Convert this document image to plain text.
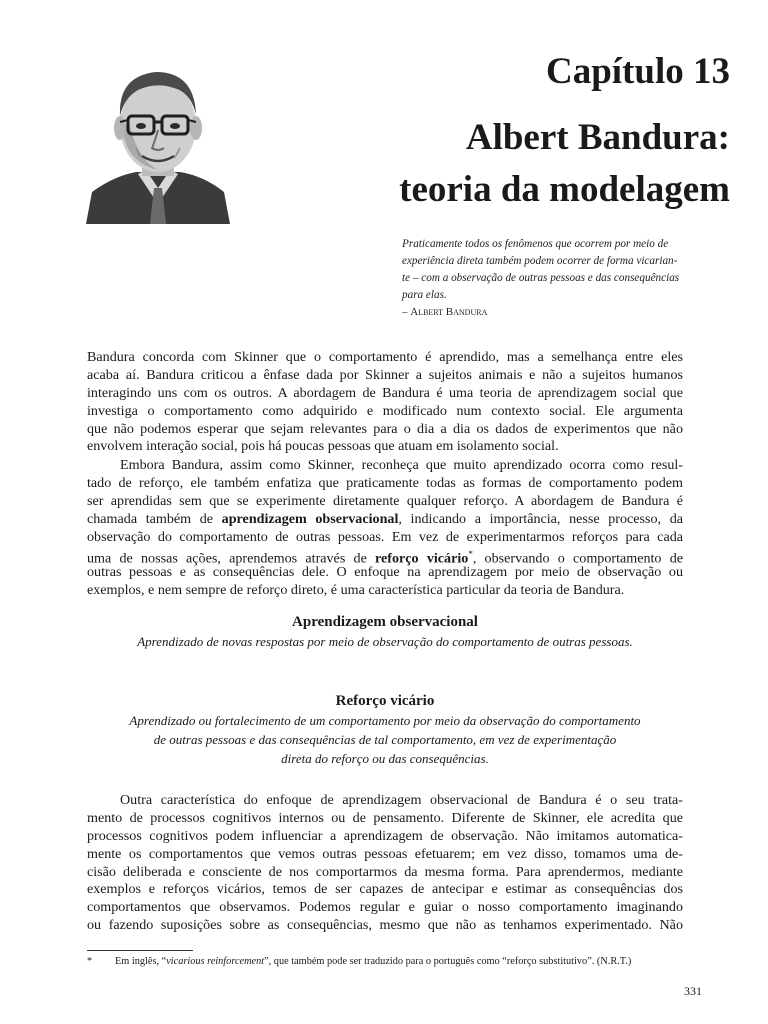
Capítulo 13
Albert Bandura:
teoria da modelagem
Praticamente todos os fenômenos que ocorrem por meio de
experiência direta também podem ocorrer de forma vicarian-
te – com a observação de outras pessoas e das consequências
para elas.
– Albert Bandura
Bandura concorda com Skinner que o comportamento é aprendido, mas a semelhança entre eles
acaba aí. Bandura criticou a ênfase dada por Skinner a sujeitos animais e não a sujeitos humanos
interagindo uns com os outros. A abordagem de Bandura é uma teoria de aprendizagem social que
investiga o comportamento como adquirido e modificado num contexto social. Ele argumenta
que não podemos esperar que sejam relevantes para o dia a dia os dados de experimentos que não
envolvem interação social, pois há poucas pessoas que atuam em isolamento social.
Embora Bandura, assim como Skinner, reconheça que muito aprendizado ocorra como resul-
tado de reforço, ele também enfatiza que praticamente todas as formas de comportamento podem
ser aprendidas sem que se experimente diretamente qualquer reforço. A abordagem de Bandura é
chamada também de aprendizagem observacional, indicando a importância, nesse processo, da
observação do comportamento de outras pessoas. Em vez de experimentarmos reforços para cada
uma de nossas ações, aprendemos através de reforço vicário*, observando o comportamento de
outras pessoas e as consequências dele. O enfoque na aprendizagem por meio de observação ou
exemplos, e nem sempre de reforço direto, é uma característica particular da teoria de Bandura.
Aprendizagem observacional
Aprendizado de novas respostas por meio de observação do comportamento de outras pessoas.
Reforço vicário
Aprendizado ou fortalecimento de um comportamento por meio da observação do comportamento
de outras pessoas e das consequências de tal comportamento, em vez de experimentação
direta do reforço ou das consequências.
Outra característica do enfoque de aprendizagem observacional de Bandura é o seu trata-
mento de processos cognitivos internos ou de pensamento. Diferente de Skinner, ele acredita que
processos cognitivos podem influenciar a aprendizagem de observação. Não imitamos automatica-
mente os comportamentos que vemos outras pessoas efetuarem; em vez disso, tomamos uma de-
cisão deliberada e consciente de nos comportarmos da mesma forma. Para aprendermos, mediante
exemplos e reforços vicários, temos de ser capazes de antecipar e estimar as consequências dos
comportamentos que observamos. Podemos regular e guiar o nosso comportamento imaginando
ou fazendo suposições sobre as consequências, mesmo que não as tenhamos experimentado. Não
* Em inglês, “vicarious reinforcement”, que também pode ser traduzido para o português como “reforço substitutivo”. (N.R.T.)
331
